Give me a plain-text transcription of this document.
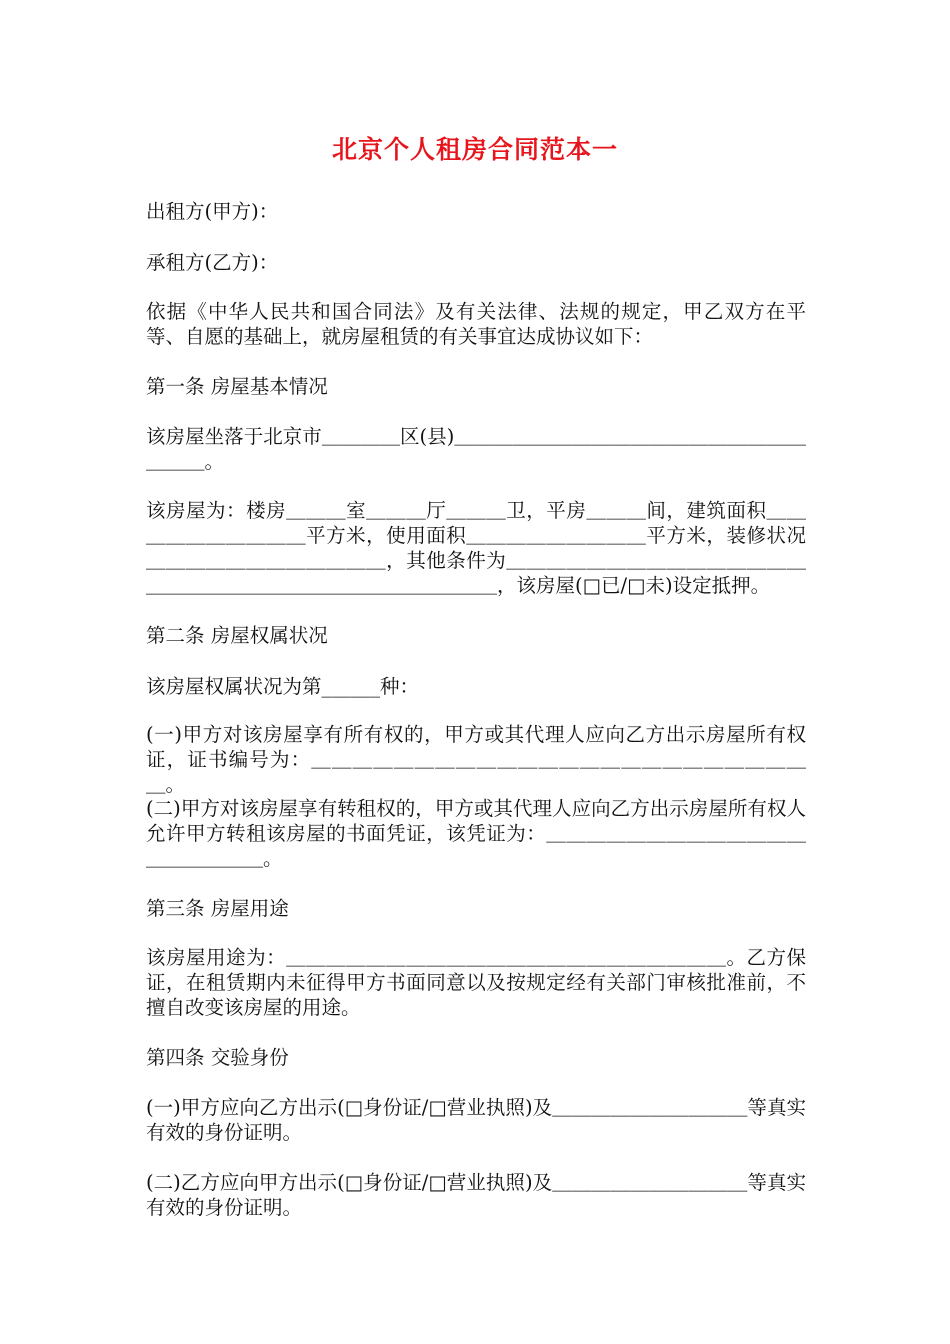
北京个人租房合同范本一
出租方(甲方)：
承租方(乙方)：
依据《中华人民共和国合同法》及有关法律、法规的规定，甲乙双方在平等、自愿的基础上，就房屋租赁的有关事宜达成协议如下：
第一条 房屋基本情况
该房屋坐落于北京市＿＿＿＿区(县)＿＿＿＿＿＿＿＿＿＿＿＿＿＿＿＿＿＿＿＿＿。
该房屋为：楼房＿＿＿室＿＿＿厅＿＿＿卫，平房＿＿＿间，建筑面积＿＿＿＿＿＿＿＿＿＿平方米，使用面积＿＿＿＿＿＿＿＿＿平方米，装修状况＿＿＿＿＿＿＿＿＿＿＿＿，其他条件为＿＿＿＿＿＿＿＿＿＿＿＿＿＿＿＿＿＿＿＿＿＿＿＿＿＿＿＿＿＿＿＿＿，该房屋(□已/□未)设定抵押。
第二条 房屋权属状况
该房屋权属状况为第______种：
(一)甲方对该房屋享有所有权的，甲方或其代理人应向乙方出示房屋所有权证，证书编号为：＿＿＿＿＿＿＿＿＿＿＿＿＿＿＿＿＿＿＿＿＿＿＿＿＿。
(二)甲方对该房屋享有转租权的，甲方或其代理人应向乙方出示房屋所有权人允许甲方转租该房屋的书面凭证，该凭证为：＿＿＿＿＿＿＿＿＿＿＿＿＿＿＿＿＿＿＿。
第三条 房屋用途
该房屋用途为：＿＿＿＿＿＿＿＿＿＿＿＿＿＿＿＿＿＿＿＿＿＿。乙方保证，在租赁期内未征得甲方书面同意以及按规定经有关部门审核批准前，不擅自改变该房屋的用途。
第四条 交验身份
(一)甲方应向乙方出示(□身份证/□营业执照)及＿＿＿＿＿＿＿＿＿＿等真实有效的身份证明。
(二)乙方应向甲方出示(□身份证/□营业执照)及＿＿＿＿＿＿＿＿＿＿等真实有效的身份证明。
